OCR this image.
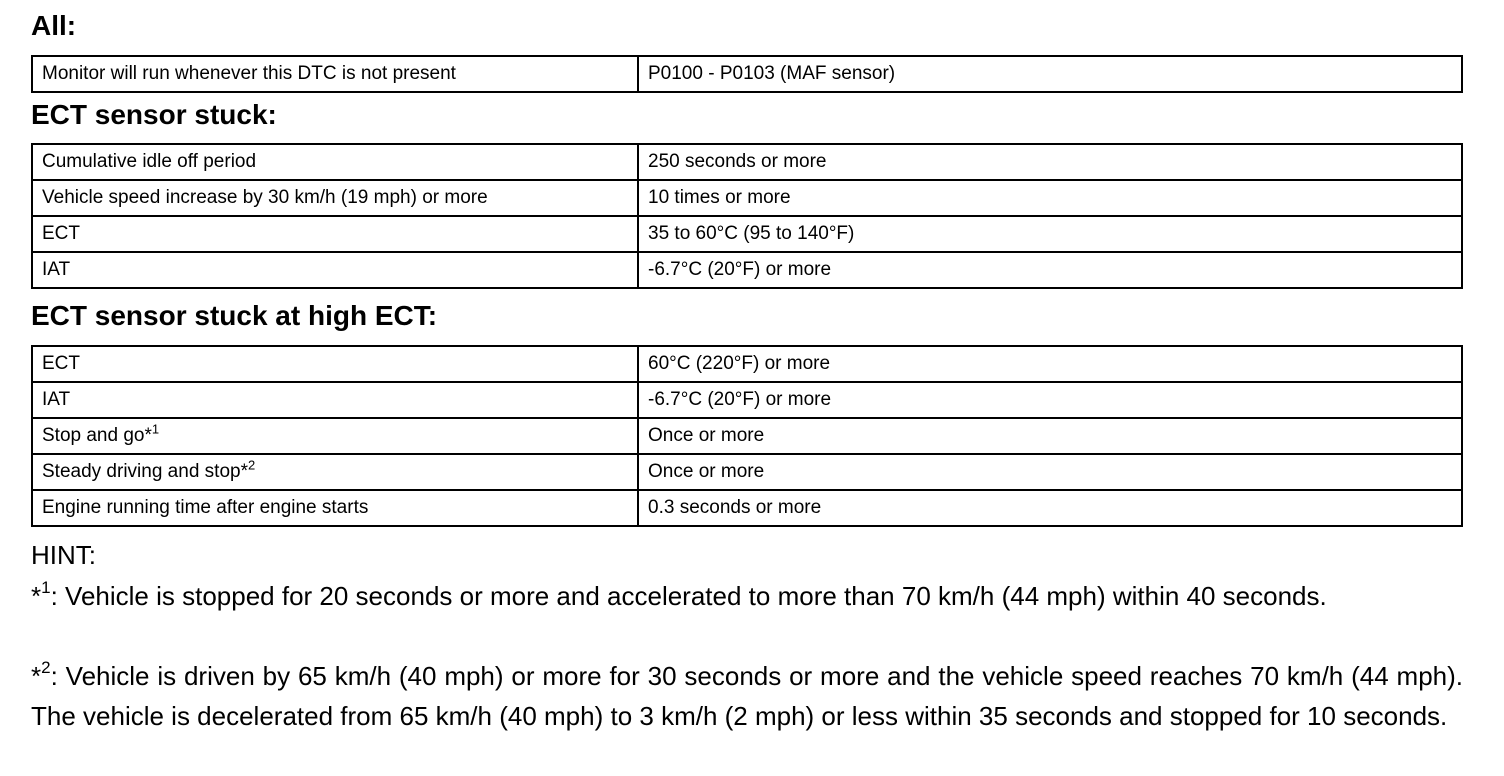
All:
Monitor will run whenever this DTC is not present	P0100 - P0103 (MAF sensor)
ECT sensor stuck:
Cumulative idle off period	250 seconds or more
Vehicle speed increase by 30 km/h (19 mph) or more	10 times or more
ECT	35 to 60°C (95 to 140°F)
IAT	-6.7°C (20°F) or more
ECT sensor stuck at high ECT:
ECT	60°C (220°F) or more
IAT	-6.7°C (20°F) or more
Stop and go*$^1$	Once or more
Steady driving and stop*$^2$	Once or more
Engine running time after engine starts	0.3 seconds or more

HINT:

*$^1$: Vehicle is stopped for 20 seconds or more and accelerated to more than 70 km/h (44 mph) within 40 seconds.

*$^2$: Vehicle is driven by 65 km/h (40 mph) or more for 30 seconds or more and the vehicle speed reaches 70 km/h (44 mph). The vehicle is decelerated from 65 km/h (40 mph) to 3 km/h (2 mph) or less within 35 seconds and stopped for 10 seconds.
